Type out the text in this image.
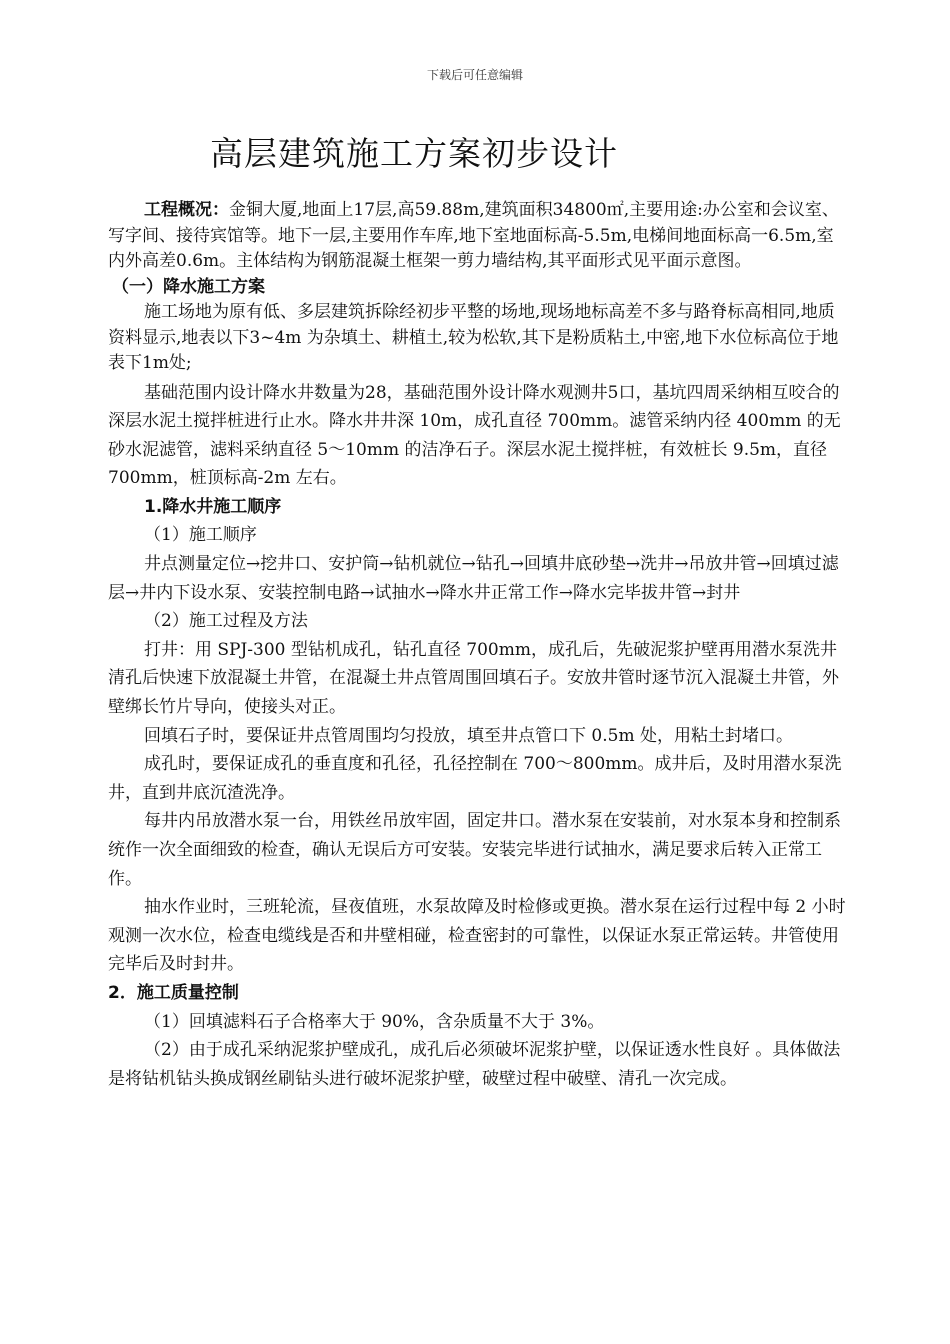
下载后可任意编辑
高层建筑施工方案初步设计

工程概况：金铜大厦,地面上17层,高59.88m,建筑面积34800㎡,主要用途:办公室和会议室、写字间、接待宾馆等。地下一层,主要用作车库,地下室地面标高-5.5m,电梯间地面标高一6.5m,室内外高差0.6m。主体结构为钢筋混凝土框架一剪力墙结构,其平面形式见平面示意图。

（一）降水施工方案

施工场地为原有低、多层建筑拆除经初步平整的场地,现场地标高差不多与路脊标高相同,地质资料显示,地表以下3~4m 为杂填土、耕植土,较为松软,其下是粉质粘土,中密,地下水位标高位于地表下1m处;

基础范围内设计降水井数量为28，基础范围外设计降水观测井5口，基坑四周采纳相互咬合的深层水泥土搅拌桩进行止水。降水井井深 10m，成孔直径 700mm。滤管采纳内径 400mm 的无砂水泥滤管，滤料采纳直径 5～10mm 的洁净石子。深层水泥土搅拌桩，有效桩长 9.5m，直径 700mm，桩顶标高-2m 左右。

1.降水井施工顺序

（1）施工顺序

井点测量定位→挖井口、安护筒→钻机就位→钻孔→回填井底砂垫→洗井→吊放井管→回填过滤层→井内下设水泵、安装控制电路→试抽水→降水井正常工作→降水完毕拔井管→封井

（2）施工过程及方法

打井：用 SPJ-300 型钻机成孔，钻孔直径 700mm，成孔后，先破泥浆护壁再用潜水泵洗井清孔后快速下放混凝土井管，在混凝土井点管周围回填石子。安放井管时逐节沉入混凝土井管，外壁绑长竹片导向，使接头对正。

回填石子时，要保证井点管周围均匀投放，填至井点管口下 0.5m 处，用粘土封堵口。

成孔时，要保证成孔的垂直度和孔径，孔径控制在 700～800mm。成井后，及时用潜水泵洗井，直到井底沉渣洗净。

每井内吊放潜水泵一台，用铁丝吊放牢固，固定井口。潜水泵在安装前，对水泵本身和控制系统作一次全面细致的检查，确认无误后方可安装。安装完毕进行试抽水，满足要求后转入正常工作。

抽水作业时，三班轮流，昼夜值班，水泵故障及时检修或更换。潜水泵在运行过程中每 2 小时观测一次水位，检查电缆线是否和井壁相碰，检查密封的可靠性，以保证水泵正常运转。井管使用完毕后及时封井。

2．施工质量控制

（1）回填滤料石子合格率大于 90%，含杂质量不大于 3%。

（2）由于成孔采纳泥浆护壁成孔，成孔后必须破坏泥浆护壁，以保证透水性良好 。具体做法是将钻机钻头换成钢丝刷钻头进行破坏泥浆护壁，破壁过程中破壁、清孔一次完成。
